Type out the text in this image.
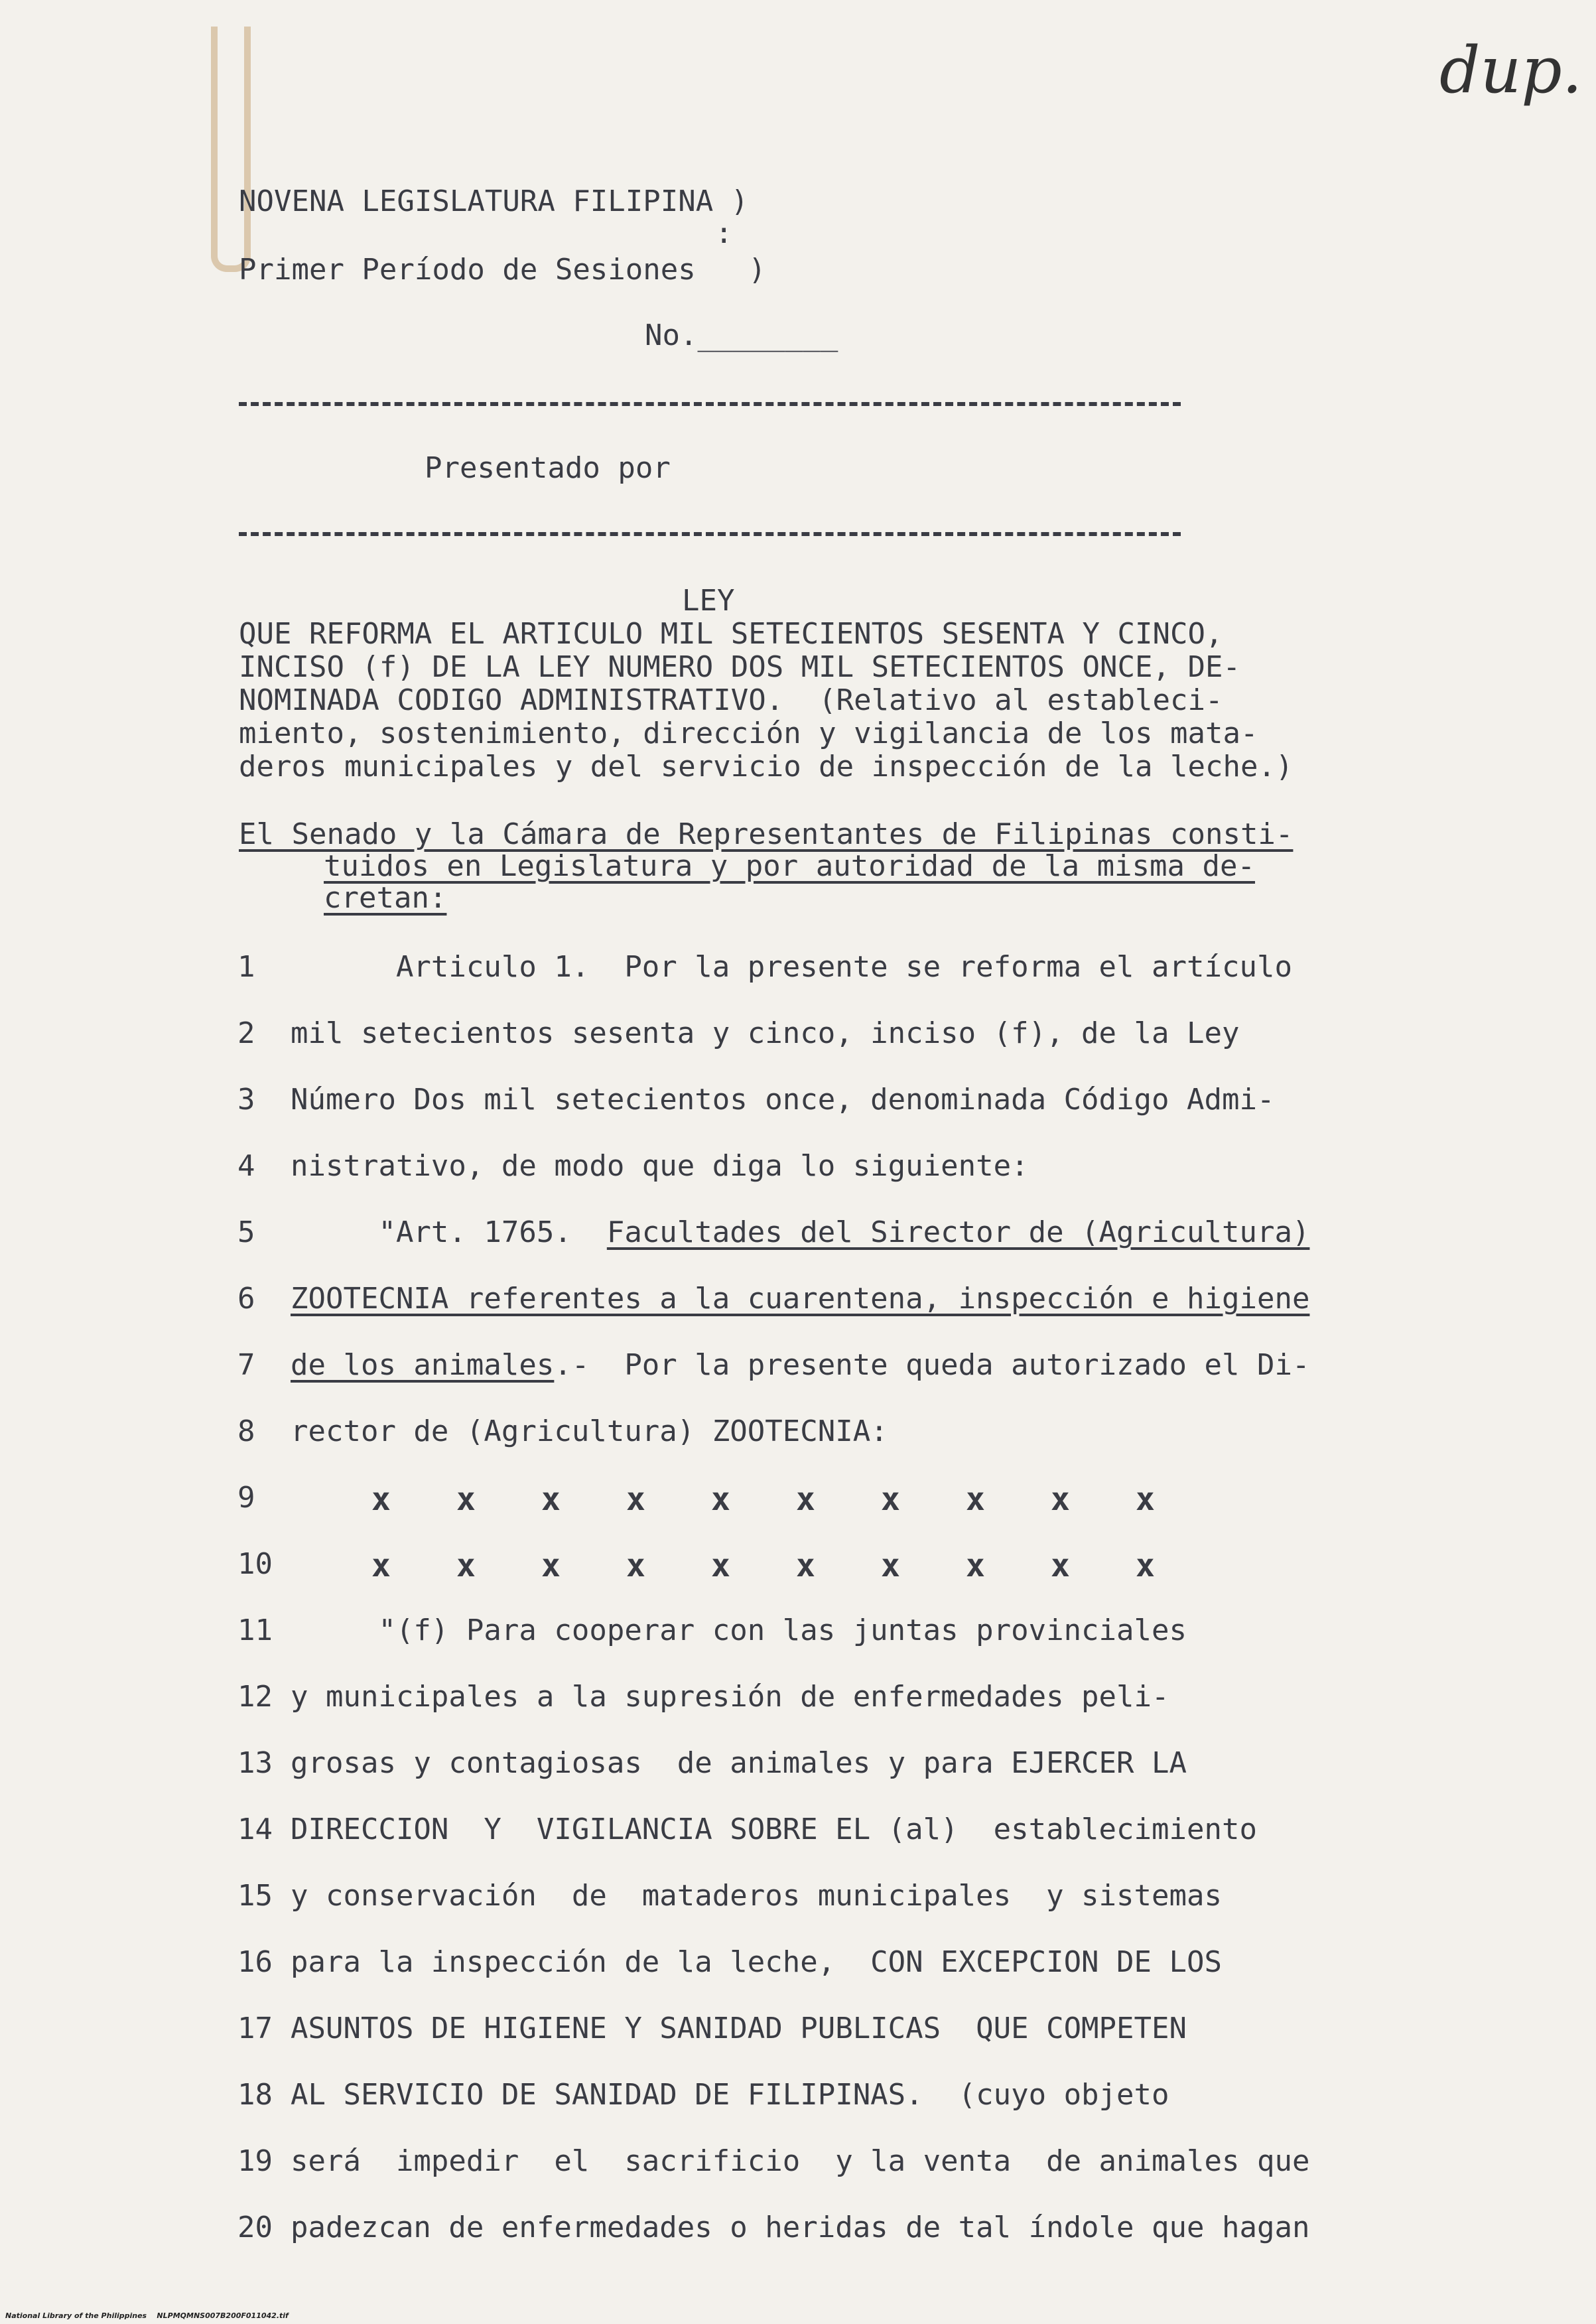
dup.
NOVENA LEGISLATURA FILIPINA )
:
Primer Período de Sesiones   )
No.________
Presentado por
LEY
QUE REFORMA EL ARTICULO MIL SETECIENTOS SESENTA Y CINCO,
INCISO (f) DE LA LEY NUMERO DOS MIL SETECIENTOS ONCE, DE-
NOMINADA CODIGO ADMINISTRATIVO.  (Relativo al estableci-
miento, sostenimiento, dirección y vigilancia de los mata-
deros municipales y del servicio de inspección de la leche.)
El Senado y la Cámara de Representantes de Filipinas consti-
tuidos en Legislatura y por autoridad de la misma de-
cretan:
1	Articulo 1.  Por la presente se reforma el artículo
2	mil setecientos sesenta y cinco, inciso (f), de la Ley
3	Número Dos mil setecientos once, denominada Código Admi-
4	nistrativo, de modo que diga lo siguiente:
5	"Art. 1765.  Facultades del Sirector de (Agricultura)
6	ZOOTECNIA referentes a la cuarentena, inspección e higiene
7	de los animales.-  Por la presente queda autorizado el Di-
8	rector de (Agricultura) ZOOTECNIA:
9	x x x x x x x x x x
10	x x x x x x x x x x
11 "(f) Para cooperar con las juntas provinciales
12 y municipales a la supresión de enfermedades peli-
13 grosas y contagiosas  de animales y para EJERCER LA
14 DIRECCION  Y  VIGILANCIA SOBRE EL (al)  establecimiento
15 y conservación  de  mataderos municipales  y sistemas
16 para la inspección de la leche,  CON EXCEPCION DE LOS
17 ASUNTOS DE HIGIENE Y SANIDAD PUBLICAS  QUE COMPETEN
18 AL SERVICIO DE SANIDAD DE FILIPINAS.  (cuyo objeto
19 será  impedir  el  sacrificio  y la venta  de animales que
20 padezcan de enfermedades o heridas de tal índole que hagan
National Library of the Philippines    NLPMQMNS007B200F011042.tif
